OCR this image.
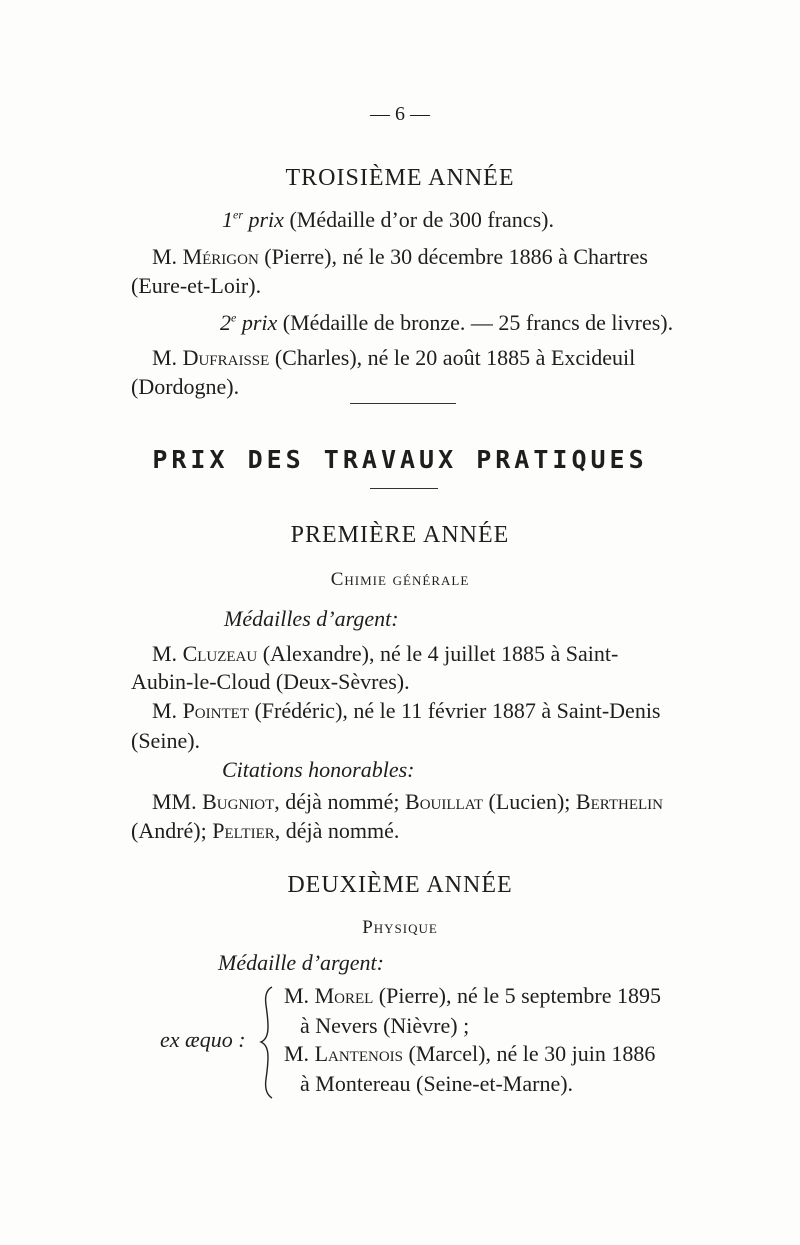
— 6 —
TROISIÈME ANNÉE
1er prix (Médaille d’or de 300 francs).
M. Mérigon (Pierre), né le 30 décembre 1886 à Chartres
(Eure-et-Loir).
2e prix (Médaille de bronze. — 25 francs de livres).
M. Dufraisse (Charles), né le 20 août 1885 à Excideuil
(Dordogne).
PRIX DES TRAVAUX PRATIQUES
PREMIÈRE ANNÉE
Chimie générale
Médailles d’argent:
M. Cluzeau (Alexandre), né le 4 juillet 1885 à Saint-
Aubin-le-Cloud (Deux-Sèvres).
M. Pointet (Frédéric), né le 11 février 1887 à Saint-Denis
(Seine).
Citations honorables:
MM. Bugniot, déjà nommé; Bouillat (Lucien); Berthelin
(André); Peltier, déjà nommé.
DEUXIÈME ANNÉE
Physique
Médaille d’argent:
ex æquo :
M. Morel (Pierre), né le 5 septembre 1895
à Nevers (Nièvre) ;
M. Lantenois (Marcel), né le 30 juin 1886
à Montereau (Seine-et-Marne).
